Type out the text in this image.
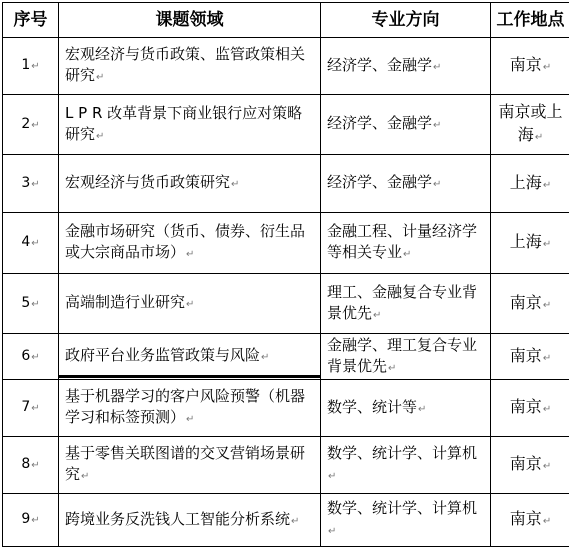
序号	课题领域	专业方向	工作地点
1↵	宏观经济与货币政策、监管政策相关研究↵	经济学、金融学↵	南京↵
2↵	L P R 改革背景下商业银行应对策略研究↵	经济学、金融学↵	南京或上海↵
3↵	宏观经济与货币政策研究↵	经济学、金融学↵	上海↵
4↵	金融市场研究（货币、债券、衍生品或大宗商品市场）↵	金融工程、计量经济学等相关专业↵	上海↵
5↵	高端制造行业研究↵	理工、金融复合专业背景优先↵	南京↵
6↵	政府平台业务监管政策与风险↵	金融学、理工复合专业背景优先↵	南京↵
7↵	基于机器学习的客户风险预警（机器学习和标签预测）↵	数学、统计等↵	南京↵
8↵	基于零售关联图谱的交叉营销场景研究↵	数学、统计学、计算机↵	南京↵
9↵	跨境业务反洗钱人工智能分析系统↵	数学、统计学、计算机↵	南京↵
